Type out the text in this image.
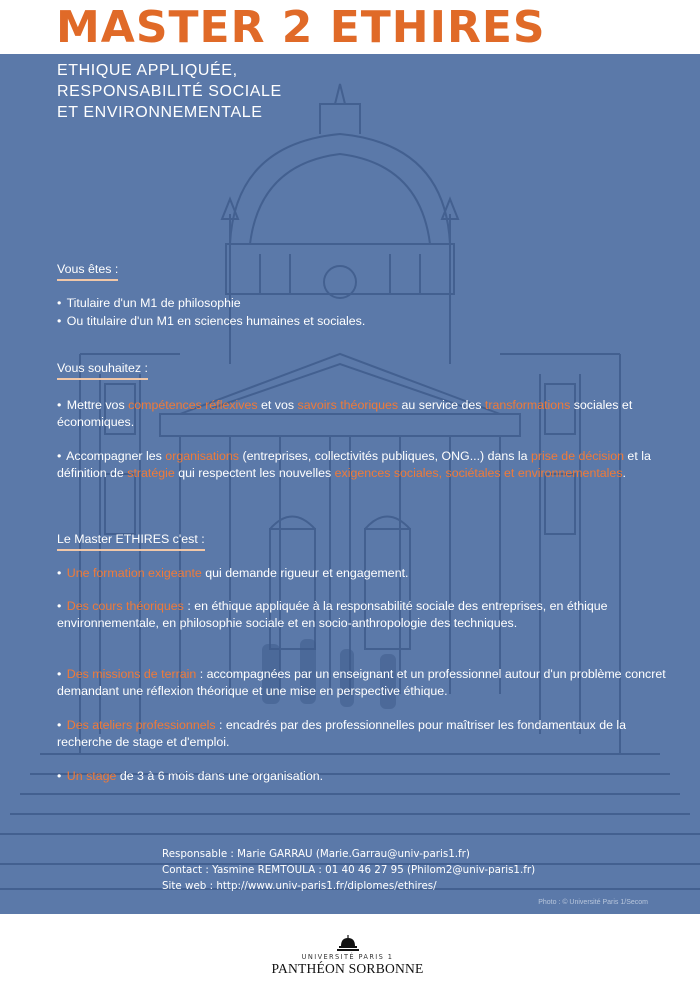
MASTER 2 ETHIRES
ETHIQUE APPLIQUÉE,
RESPONSABILITÉ SOCIALE
ET ENVIRONNEMENTALE
Vous êtes :
• Titulaire d'un M1 de philosophie
• Ou titulaire d'un M1 en sciences humaines et sociales.
Vous souhaitez :
• Mettre vos compétences réflexives et vos savoirs théoriques au service des transformations sociales et économiques.
• Accompagner les organisations (entreprises, collectivités publiques, ONG...) dans la prise de décision et la définition de stratégie qui respectent les nouvelles exigences sociales, sociétales et environnementales.
Le Master ETHIRES c'est :
• Une formation exigeante qui demande rigueur et engagement.
• Des cours théoriques : en éthique appliquée à la responsabilité sociale des entreprises, en éthique environnementale, en philosophie sociale et en socio-anthropologie des techniques.
• Des missions de terrain : accompagnées par un enseignant et un professionnel autour d'un problème concret demandant une réflexion théorique et une mise en perspective éthique.
• Des ateliers professionnels : encadrés par des professionnelles pour maîtriser les fondamentaux de la recherche de stage et d'emploi.
• Un stage de 3 à 6 mois dans une organisation.
Responsable : Marie GARRAU (Marie.Garrau@univ-paris1.fr)
Contact : Yasmine REMTOULA : 01 40 46 27 95 (Philom2@univ-paris1.fr)
Site web : http://www.univ-paris1.fr/diplomes/ethires/
Photo : © Université Paris 1/Secom
UNIVERSITÉ PARIS 1
PANTHÉON SORBONNE
